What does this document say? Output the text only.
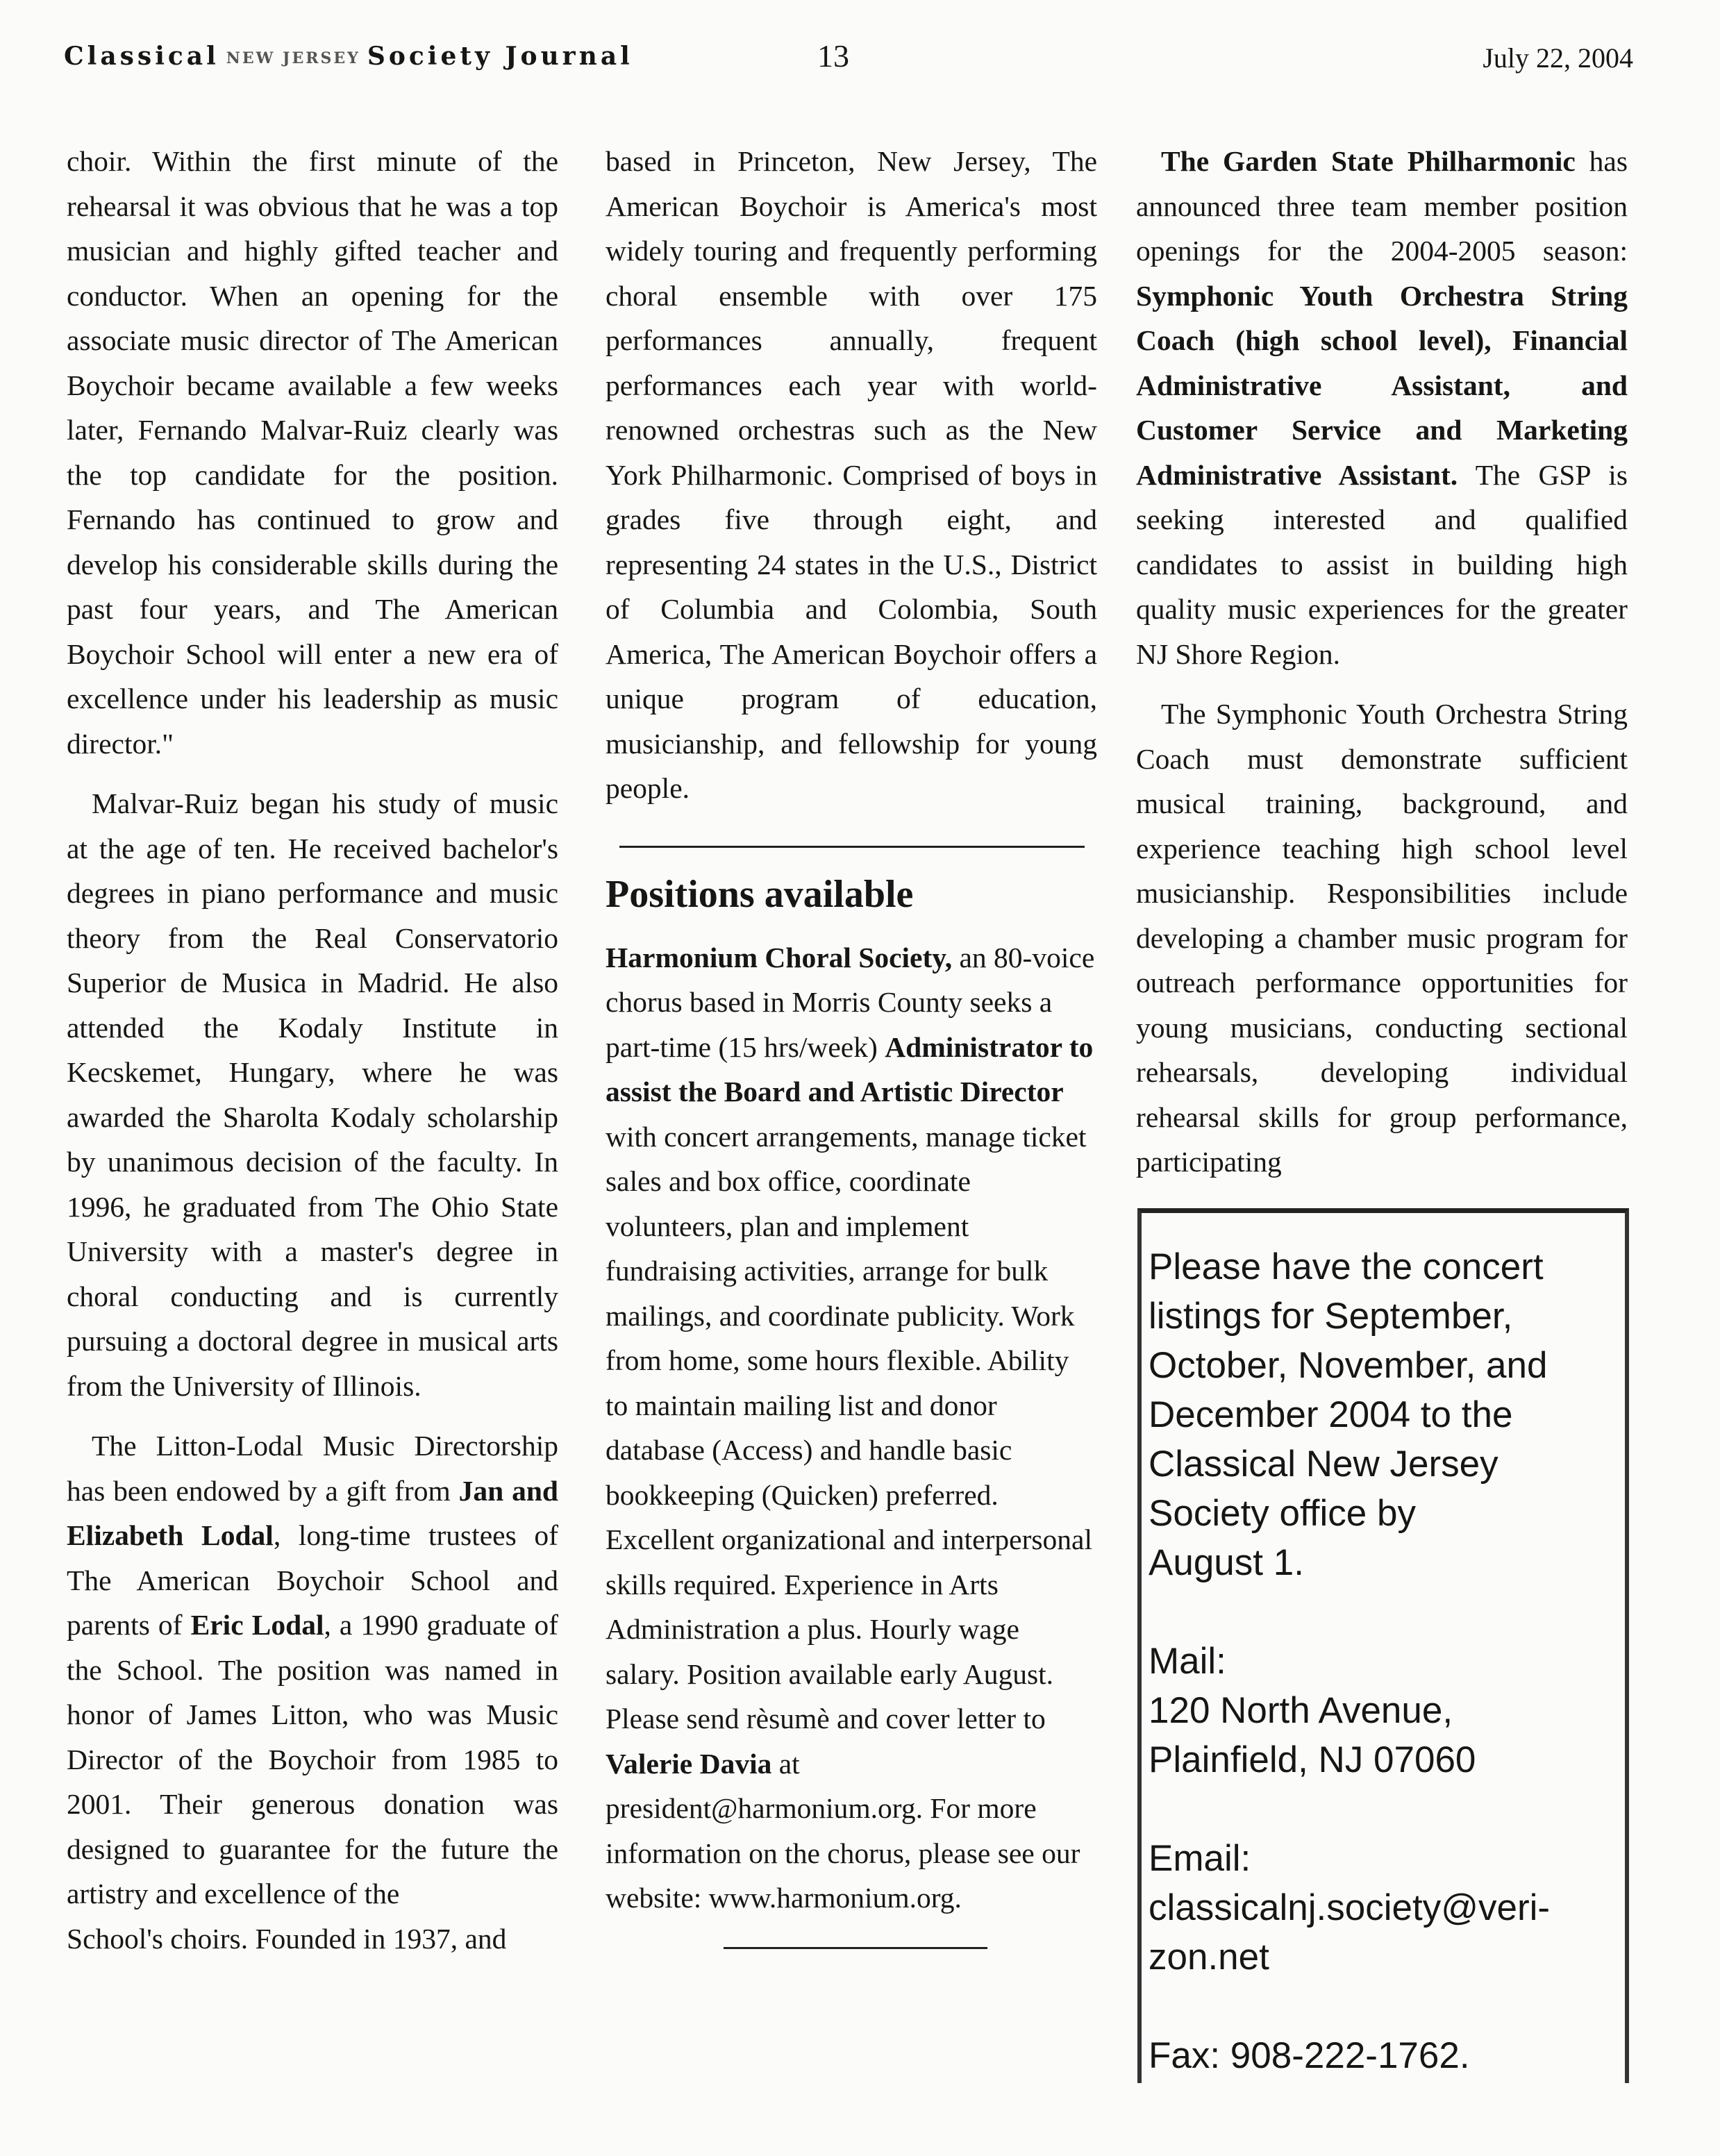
Classical NEW JERSEY Society Journal	13	July 22, 2004

choir. Within the first minute of the rehearsal it was obvious that he was a top musician and highly gifted teacher and conductor. When an opening for the associate music director of The American Boychoir became available a few weeks later, Fernando Malvar-Ruiz clearly was the top candidate for the position. Fernando has continued to grow and develop his considerable skills during the past four years, and The American Boychoir School will enter a new era of excellence under his leadership as music director."

Malvar-Ruiz began his study of music at the age of ten. He received bachelor's degrees in piano performance and music theory from the Real Conservatorio Superior de Musica in Madrid. He also attended the Kodaly Institute in Kecskemet, Hungary, where he was awarded the Sharolta Kodaly scholarship by unanimous decision of the faculty. In 1996, he graduated from The Ohio State University with a master's degree in choral conducting and is currently pursuing a doctoral degree in musical arts from the University of Illinois.

The Litton-Lodal Music Directorship has been endowed by a gift from Jan and Elizabeth Lodal, long-time trustees of The American Boychoir School and parents of Eric Lodal, a 1990 graduate of the School. The position was named in honor of James Litton, who was Music Director of the Boychoir from 1985 to 2001. Their generous donation was designed to guarantee for the future the artistry and excellence of the

School's choirs. Founded in 1937, and

based in Princeton, New Jersey, The American Boychoir is America's most widely touring and frequently performing choral ensemble with over 175 performances annually, frequent performances each year with world-renowned orchestras such as the New York Philharmonic. Comprised of boys in grades five through eight, and representing 24 states in the U.S., District of Columbia and Colombia, South America, The American Boychoir offers a unique program of education, musicianship, and fellowship for young people.

Positions available

Harmonium Choral Society, an 80-voice chorus based in Morris County seeks a part-time (15 hrs/week) Administrator to assist the Board and Artistic Director with concert arrangements, manage ticket sales and box office, coordinate volunteers, plan and implement fundraising activities, arrange for bulk mailings, and coordinate publicity. Work from home, some hours flexible. Ability to maintain mailing list and donor database (Access) and handle basic bookkeeping (Quicken) preferred. Excellent organizational and interpersonal skills required. Experience in Arts Administration a plus. Hourly wage salary. Position available early August. Please send rèsumè and cover letter to Valerie Davia at president@harmonium.org. For more information on the chorus, please see our website: www.harmonium.org.

The Garden State Philharmonic has announced three team member position openings for the 2004-2005 season: Symphonic Youth Orchestra String Coach (high school level), Financial Administrative Assistant, and Customer Service and Marketing Administrative Assistant. The GSP is seeking interested and qualified candidates to assist in building high quality music experiences for the greater NJ Shore Region.

The Symphonic Youth Orchestra String Coach must demonstrate sufficient musical training, background, and experience teaching high school level musicianship. Responsibilities include developing a chamber music program for outreach performance opportunities for young musicians, conducting sectional rehearsals, developing individual rehearsal skills for group performance, participating

Please have the concert
listings for September,
October, November, and
December 2004 to the
Classical New Jersey
Society office by
August 1.
Mail:
120 North Avenue,
Plainfield, NJ 07060
Email:
classicalnj.society@veri-
zon.net
Fax: 908-222-1762.
